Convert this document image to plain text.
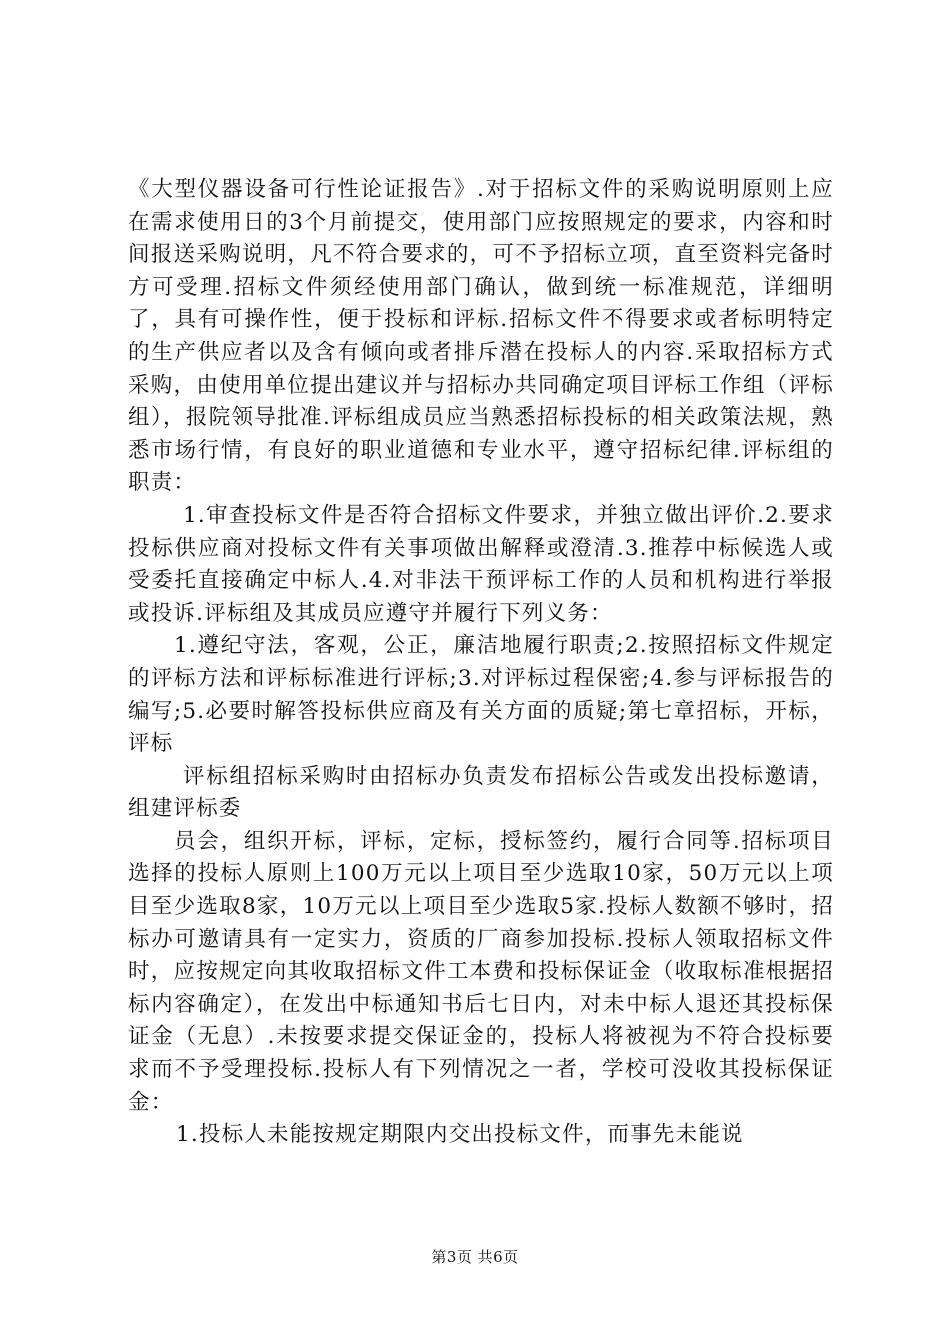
《大型仪器设备可行性论证报告》.对于招标文件的采购说明原则上应在需求使用日的3个月前提交，使用部门应按照规定的要求，内容和时间报送采购说明，凡不符合要求的，可不予招标立项，直至资料完备时方可受理.招标文件须经使用部门确认，做到统一标准规范，详细明了，具有可操作性，便于投标和评标.招标文件不得要求或者标明特定的生产供应者以及含有倾向或者排斥潜在投标人的内容.采取招标方式采购，由使用单位提出建议并与招标办共同确定项目评标工作组（评标组），报院领导批准.评标组成员应当熟悉招标投标的相关政策法规，熟悉市场行情，有良好的职业道德和专业水平，遵守招标纪律.评标组的职责：

1.审查投标文件是否符合招标文件要求，并独立做出评价.2.要求投标供应商对投标文件有关事项做出解释或澄清.3.推荐中标候选人或受委托直接确定中标人.4.对非法干预评标工作的人员和机构进行举报或投诉.评标组及其成员应遵守并履行下列义务：

1.遵纪守法，客观，公正，廉洁地履行职责;2.按照招标文件规定的评标方法和评标标准进行评标;3.对评标过程保密;4.参与评标报告的编写;5.必要时解答投标供应商及有关方面的质疑;第七章招标，开标，评标

评标组招标采购时由招标办负责发布招标公告或发出投标邀请，组建评标委

员会，组织开标，评标，定标，授标签约，履行合同等.招标项目选择的投标人原则上100万元以上项目至少选取10家，50万元以上项目至少选取8家，10万元以上项目至少选取5家.投标人数额不够时，招标办可邀请具有一定实力，资质的厂商参加投标.投标人领取招标文件时，应按规定向其收取招标文件工本费和投标保证金（收取标准根据招标内容确定），在发出中标通知书后七日内，对未中标人退还其投标保证金（无息）.未按要求提交保证金的，投标人将被视为不符合投标要求而不予受理投标.投标人有下列情况之一者，学校可没收其投标保证金：

1.投标人未能按规定期限内交出投标文件，而事先未能说

第3页 共6页
